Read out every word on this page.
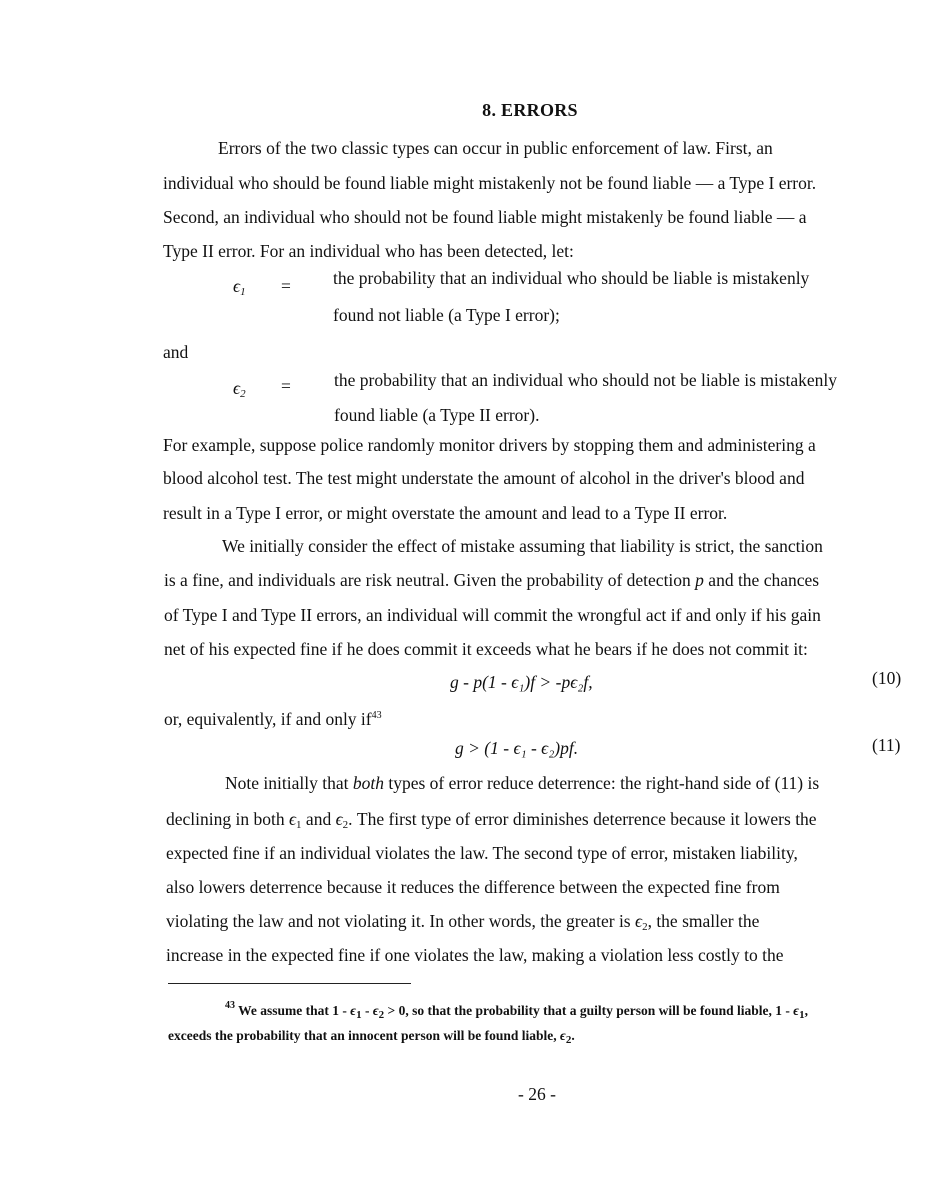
8. ERRORS
Errors of the two classic types can occur in public enforcement of law. First, an
individual who should be found liable might mistakenly not be found liable — a Type I error.
Second, an individual who should not be found liable might mistakenly be found liable — a
Type II error. For an individual who has been detected, let:
$\epsilon_1$ = the probability that an individual who should be liable is mistakenly
found not liable (a Type I error);
and
$\epsilon_2$ = the probability that an individual who should not be liable is mistakenly
found liable (a Type II error).
For example, suppose police randomly monitor drivers by stopping them and administering a
blood alcohol test. The test might understate the amount of alcohol in the driver's blood and
result in a Type I error, or might overstate the amount and lead to a Type II error.
We initially consider the effect of mistake assuming that liability is strict, the sanction
is a fine, and individuals are risk neutral. Given the probability of detection p and the chances
of Type I and Type II errors, an individual will commit the wrongful act if and only if his gain
net of his expected fine if he does commit it exceeds what he bears if he does not commit it:
g - p(1 - ϵ₁)f > -pϵ₂f,	(10)
or, equivalently, if and only $if^{43}$
g > (1 - ϵ₁ - ϵ₂)pf.	(11)
Note initially that both types of error reduce deterrence: the right-hand side of (11) is
declining in both $\epsilon_1$ and $\epsilon_2$. The first type of error diminishes deterrence because it lowers the
expected fine if an individual violates the law. The second type of error, mistaken liability,
also lowers deterrence because it reduces the difference between the expected fine from
violating the law and not violating it. In other words, the greater is $\epsilon_2$, the smaller the
increase in the expected fine if one violates the law, making a violation less costly to the
$^{43}$ We assume that $1 - \epsilon_1 - \epsilon_2 > 0$, so that the probability that a guilty person will be found liable, $1 - \epsilon_1$,
exceeds the probability that an innocent person will be found liable, $\epsilon_2$.
- 26 -
